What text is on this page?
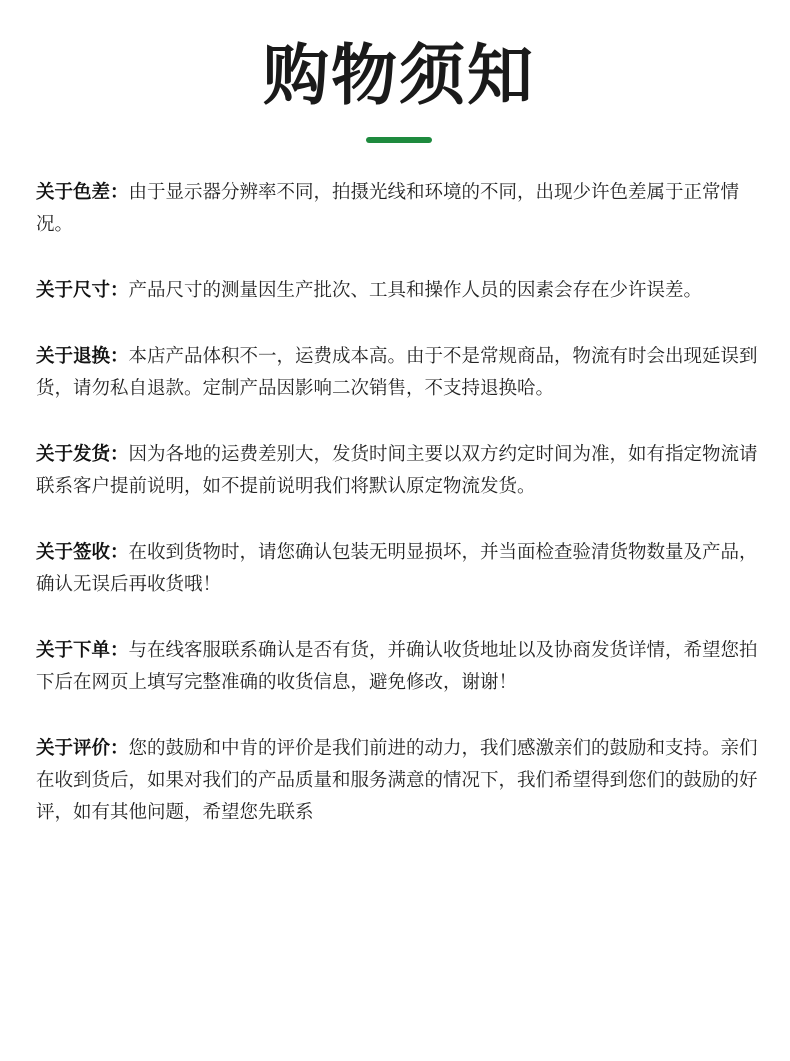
购物须知

关于色差：由于显示器分辨率不同，拍摄光线和环境的不同，出现少许色差属于正常情况。

关于尺寸：产品尺寸的测量因生产批次、工具和操作人员的因素会存在少许误差。

关于退换：本店产品体积不一，运费成本高。由于不是常规商品，物流有时会出现延误到货，请勿私自退款。定制产品因影响二次销售，不支持退换哈。

关于发货：因为各地的运费差别大，发货时间主要以双方约定时间为准，如有指定物流请联系客户提前说明，如不提前说明我们将默认原定物流发货。

关于签收：在收到货物时，请您确认包装无明显损坏，并当面检查验清货物数量及产品，确认无误后再收货哦！

关于下单：与在线客服联系确认是否有货，并确认收货地址以及协商发货详情，希望您拍下后在网页上填写完整准确的收货信息，避免修改，谢谢！

关于评价：您的鼓励和中肯的评价是我们前进的动力，我们感激亲们的鼓励和支持。亲们在收到货后，如果对我们的产品质量和服务满意的情况下，我们希望得到您们的鼓励的好评，如有其他问题，希望您先联系
